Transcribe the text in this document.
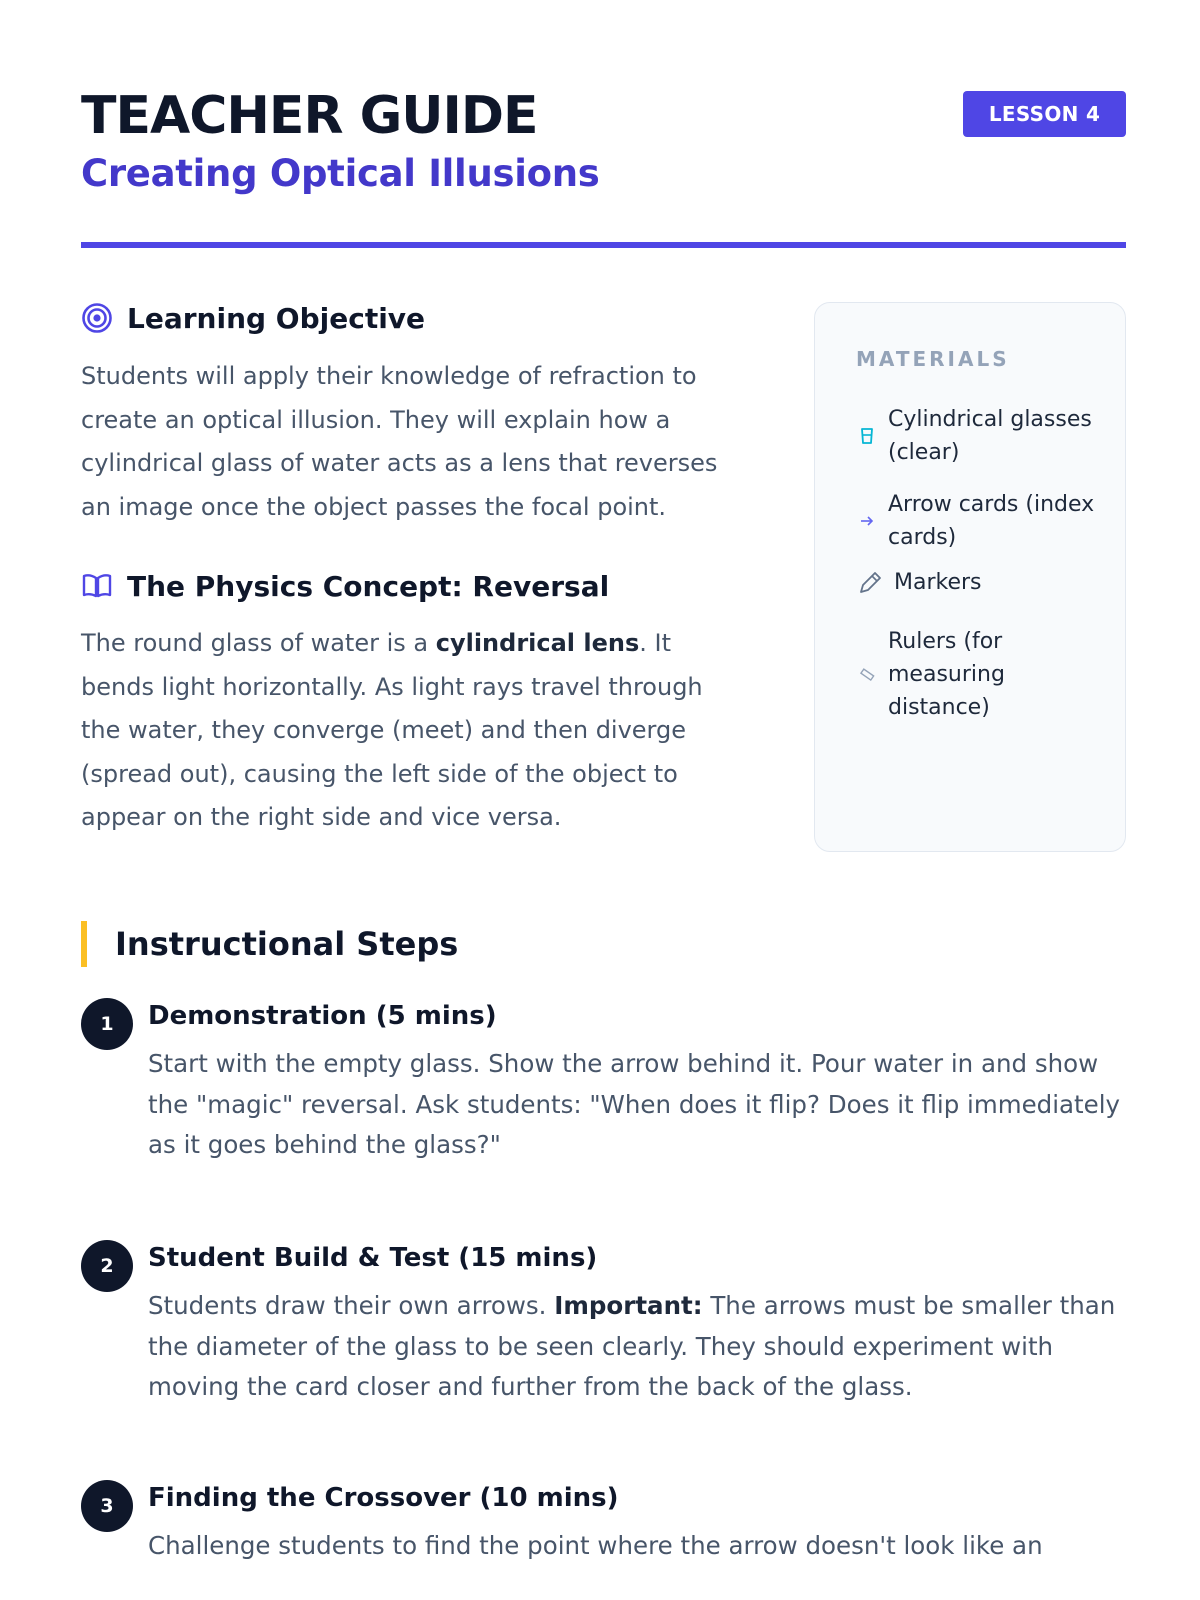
TEACHER GUIDE
Creating Optical Illusions
LESSON 4
Learning Objective

Students will apply their knowledge of refraction to create an optical illusion. They will explain how a cylindrical glass of water acts as a lens that reverses an image once the object passes the focal point.

The Physics Concept: Reversal

The round glass of water is a cylindrical lens. It bends light horizontally. As light rays travel through the water, they converge (meet) and then diverge (spread out), causing the left side of the object to appear on the right side and vice versa.

MATERIALS
Cylindrical glasses (clear)
Arrow cards (index cards)
Markers
Rulers (for measuring distance)
Instructional Steps
1	Demonstration (5 mins)

Start with the empty glass. Show the arrow behind it. Pour water in and show the "magic" reversal. Ask students: "When does it flip? Does it flip immediately as it goes behind the glass?"

2	Student Build & Test (15 mins)

Students draw their own arrows. Important: The arrows must be smaller than the diameter of the glass to be seen clearly. They should experiment with moving the card closer and further from the back of the glass.

3	Finding the Crossover (10 mins)

Challenge students to find the point where the arrow doesn't look like an
